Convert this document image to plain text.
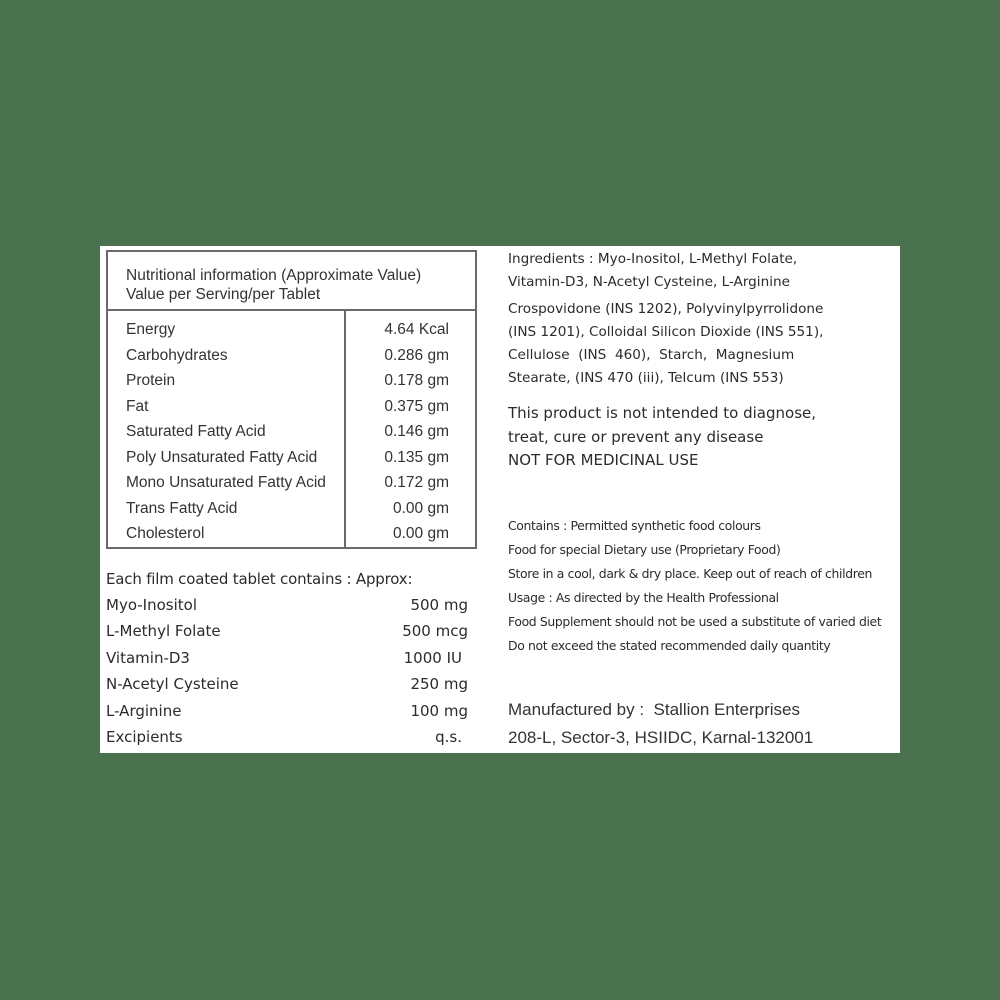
Nutritional information (Approximate Value)
Value per Serving/per Tablet
Energy	4.64 Kcal
Carbohydrates	0.286 gm
Protein	0.178 gm
Fat	0.375 gm
Saturated Fatty Acid	0.146 gm
Poly Unsaturated Fatty Acid	0.135 gm
Mono Unsaturated Fatty Acid	0.172 gm
Trans Fatty Acid	0.00 gm
Cholesterol	0.00 gm
Each film coated tablet contains : Approx:
Myo-Inositol	500 mg
L-Methyl Folate	500 mcg
Vitamin-D3	1000 IU
N-Acetyl Cysteine	250 mg
L-Arginine	100 mg
Excipients	q.s.
Ingredients : Myo-Inositol, L-Methyl Folate,
Vitamin-D3, N-Acetyl Cysteine, L-Arginine
Crospovidone (INS 1202), Polyvinylpyrrolidone
(INS 1201), Colloidal Silicon Dioxide (INS 551),
Cellulose  (INS  460),  Starch,  Magnesium
Stearate, (INS 470 (iii), Telcum (INS 553)
This product is not intended to diagnose,
treat, cure or prevent any disease
NOT FOR MEDICINAL USE
Contains : Permitted synthetic food colours
Food for special Dietary use (Proprietary Food)
Store in a cool, dark & dry place. Keep out of reach of children
Usage : As directed by the Health Professional
Food Supplement should not be used a substitute of varied diet
Do not exceed the stated recommended daily quantity
Manufactured by :  Stallion Enterprises
208-L, Sector-3, HSIIDC, Karnal-132001
